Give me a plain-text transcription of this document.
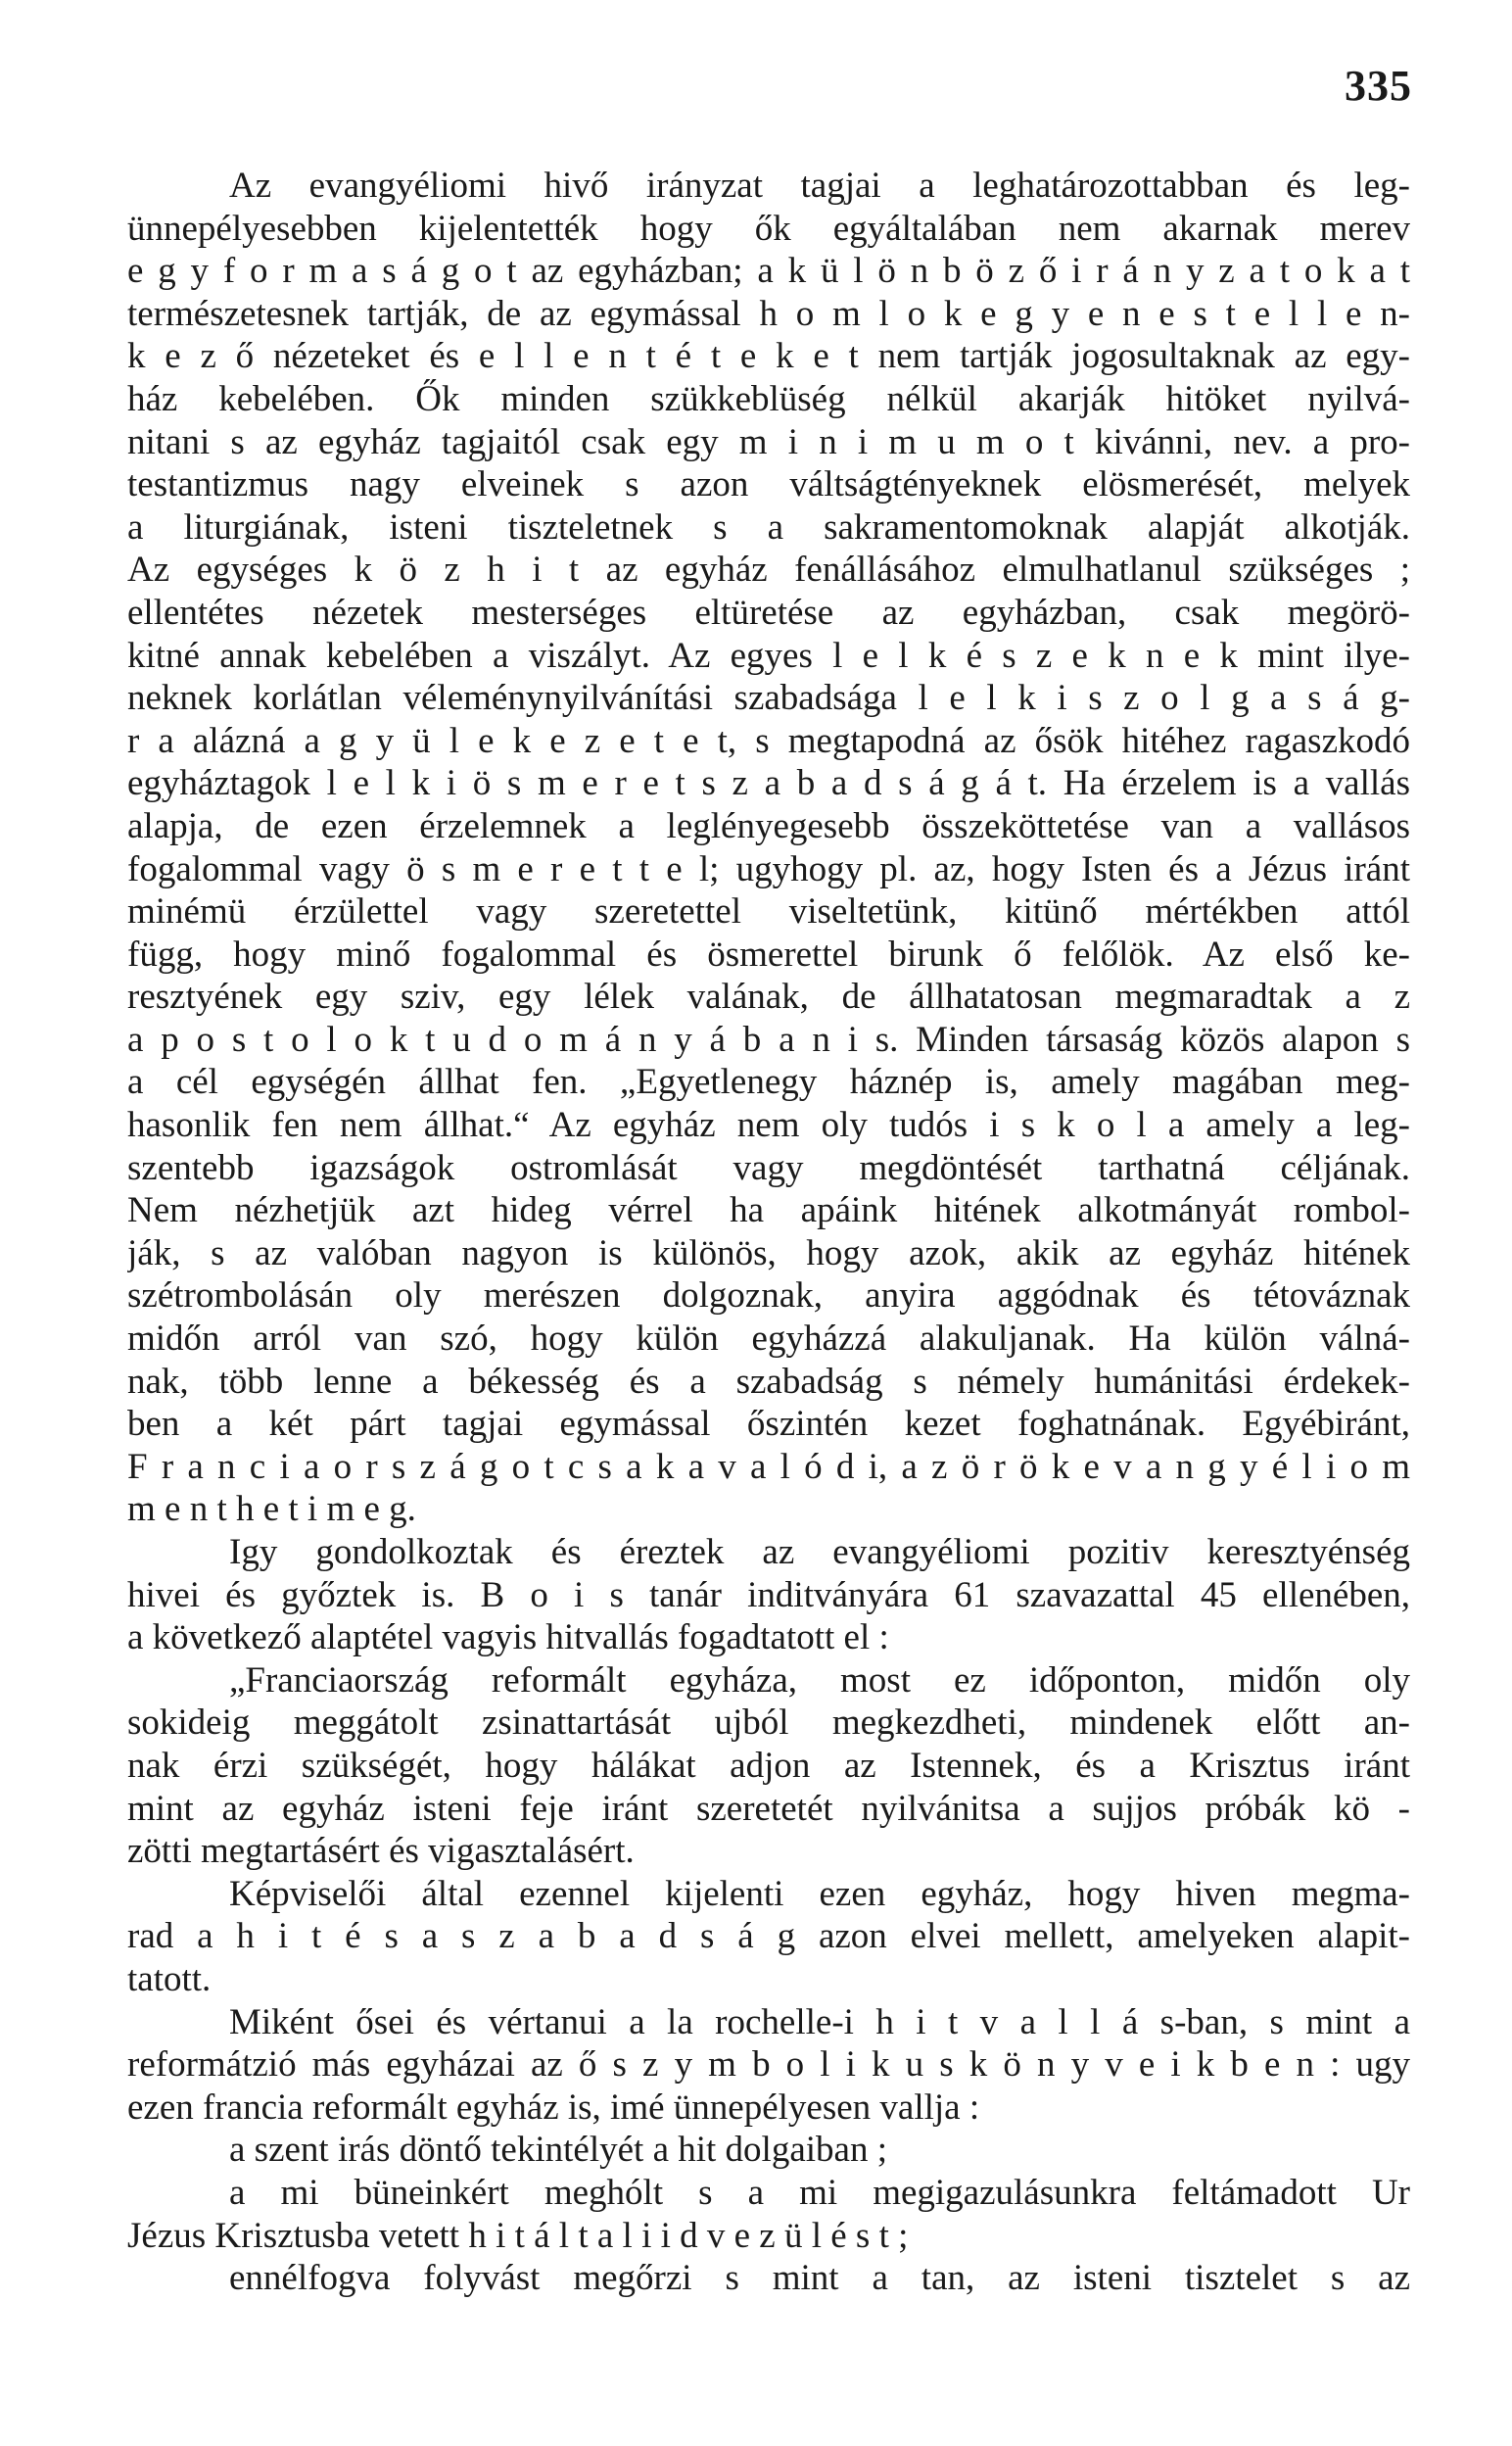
335
Az evangyéliomi hivő irányzat tagjai a leghatározottabban és leg-
ünnepélyesebben kijelentették hogy ők egyáltalában nem akarnak merev
e g y f o r m a s á g o t az egyházban; a k ü l ö n b ö z ő i r á n y z a t o k a t
természetesnek tartják, de az egymással h o m l o k e g y e n e s t e l l e n-
k e z ő nézeteket és e l l e n t é t e k e t nem tartják jogosultaknak az egy-
ház kebelében. Ők minden szükkeblüség nélkül akarják hitöket nyilvá-
nitani s az egyház tagjaitól csak egy m i n i m u m o t kivánni, nev. a pro-
testantizmus nagy elveinek s azon váltságtényeknek elösmerését, melyek
a liturgiának, isteni tiszteletnek s a sakramentomoknak alapját alkotják.
Az egységes k ö z h i t az egyház fenállásához elmulhatlanul szükséges ;
ellentétes nézetek mesterséges eltüretése az egyházban, csak megörö-
kitné annak kebelében a viszályt. Az egyes l e l k é s z e k n e k mint ilye-
neknek korlátlan véleménynyilvánítási szabadsága l e l k i s z o l g a s á g-
r a alázná a g y ü l e k e z e t e t, s megtapodná az ősök hitéhez ragaszkodó
egyháztagok l e l k i ö s m e r e t s z a b a d s á g á t. Ha érzelem is a vallás
alapja, de ezen érzelemnek a leglényegesebb összeköttetése van a vallásos
fogalommal vagy ö s m e r e t t e l; ugyhogy pl. az, hogy Isten és a Jézus iránt
minémü érzülettel vagy szeretettel viseltetünk, kitünő mértékben attól
függ, hogy minő fogalommal és ösmerettel birunk ő felőlök. Az első ke-
resztyének egy sziv, egy lélek valának, de állhatatosan megmaradtak a z
a p o s t o l o k t u d o m á n y á b a n i s. Minden társaság közös alapon s
a cél egységén állhat fen. „Egyetlenegy háznép is, amely magában meg-
hasonlik fen nem állhat.“ Az egyház nem oly tudós i s k o l a amely a leg-
szentebb igazságok ostromlását vagy megdöntését tarthatná céljának.
Nem nézhetjük azt hideg vérrel ha apáink hitének alkotmányát rombol-
ják, s az valóban nagyon is különös, hogy azok, akik az egyház hitének
szétrombolásán oly merészen dolgoznak, anyira aggódnak és tétováznak
midőn arról van szó, hogy külön egyházzá alakuljanak. Ha külön válná-
nak, több lenne a békesség és a szabadság s némely humánitási érdekek-
ben a két párt tagjai egymással őszintén kezet foghatnának. Egyébiránt,
F r a n c i a o r s z á g o t c s a k a v a l ó d i, a z ö r ö k e v a n g y é l i o m
m e n t h e t i m e g.
Igy gondolkoztak és éreztek az evangyéliomi pozitiv keresztyénség
hivei és győztek is. B o i s tanár inditványára 61 szavazattal 45 ellenében,
a következő alaptétel vagyis hitvallás fogadtatott el :
„Franciaország reformált egyháza, most ez időponton, midőn oly
sokideig meggátolt zsinattartását ujból megkezdheti, mindenek előtt an-
nak érzi szükségét, hogy hálákat adjon az Istennek, és a Krisztus iránt
mint az egyház isteni feje iránt szeretetét nyilvánitsa a sujjos próbák kö -
zötti megtartásért és vigasztalásért.
Képviselői által ezennel kijelenti ezen egyház, hogy hiven megma-
rad a h i t é s a s z a b a d s á g azon elvei mellett, amelyeken alapit-
tatott.
Miként ősei és vértanui a la rochelle-i h i t v a l l á s-ban, s mint a
reformátzió más egyházai az ő s z y m b o l i k u s k ö n y v e i k b e n : ugy
ezen francia reformált egyház is, imé ünnepélyesen vallja :
a szent irás döntő tekintélyét a hit dolgaiban ;
a mi büneinkért meghólt s a mi megigazulásunkra feltámadott Ur
Jézus Krisztusba vetett h i t á l t a l i i d v e z ü l é s t ;
ennélfogva folyvást megőrzi s mint a tan, az isteni tisztelet s az
